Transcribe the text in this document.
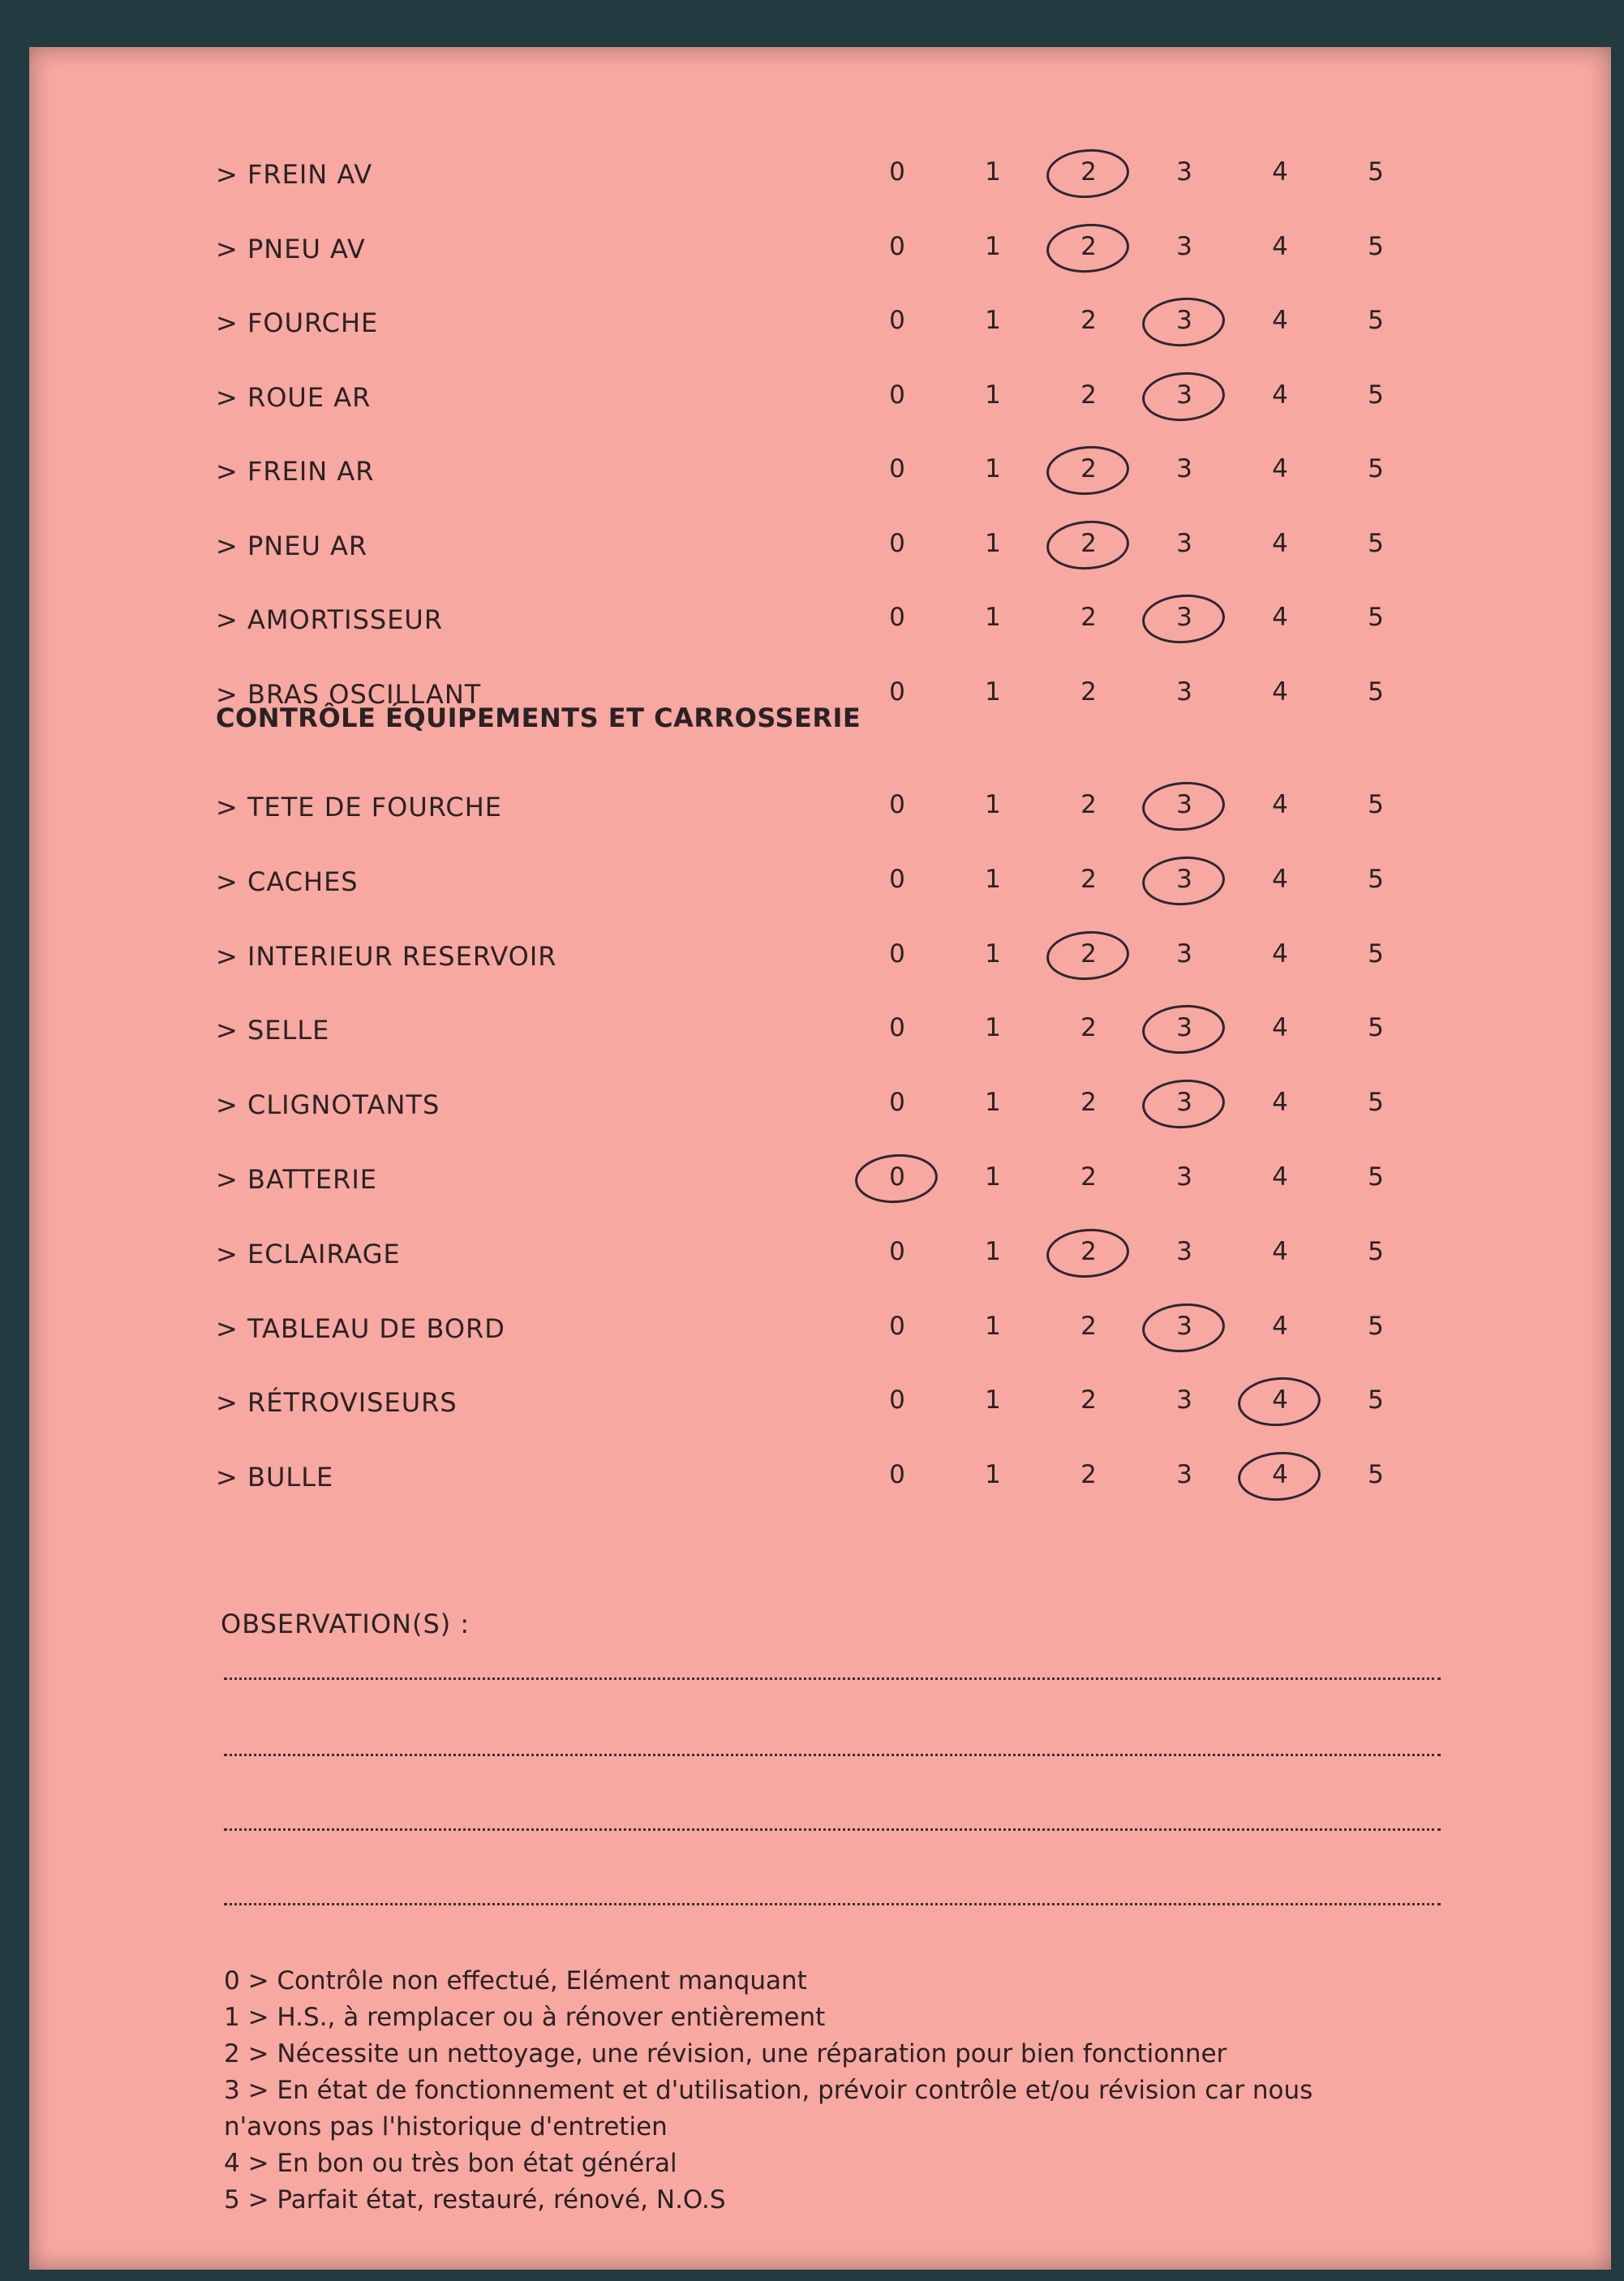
> FREIN AV	0	1	2	3	4	5
> PNEU AV	0	1	2	3	4	5
> FOURCHE	0	1	2	3	4	5
> ROUE AR	0	1	2	3	4	5
> FREIN AR	0	1	2	3	4	5
> PNEU AR	0	1	2	3	4	5
> AMORTISSEUR	0	1	2	3	4	5
> BRAS OSCILLANT	0	1	2	3	4	5
CONTRÔLE ÉQUIPEMENTS ET CARROSSERIE
> TETE DE FOURCHE	0	1	2	3	4	5
> CACHES	0	1	2	3	4	5
> INTERIEUR RESERVOIR	0	1	2	3	4	5
> SELLE	0	1	2	3	4	5
> CLIGNOTANTS	0	1	2	3	4	5
> BATTERIE	0	1	2	3	4	5
> ECLAIRAGE	0	1	2	3	4	5
> TABLEAU DE BORD	0	1	2	3	4	5
> RÉTROVISEURS	0	1	2	3	4	5
> BULLE	0	1	2	3	4	5
OBSERVATION(S) :
0 > Contrôle non effectué, Elément manquant
1 > H.S., à remplacer ou à rénover entièrement
2 > Nécessite un nettoyage, une révision, une réparation pour bien fonctionner
3 > En état de fonctionnement et d'utilisation, prévoir contrôle et/ou révision car nous
n'avons pas l'historique d'entretien
4 > En bon ou très bon état général
5 > Parfait état, restauré, rénové, N.O.S
